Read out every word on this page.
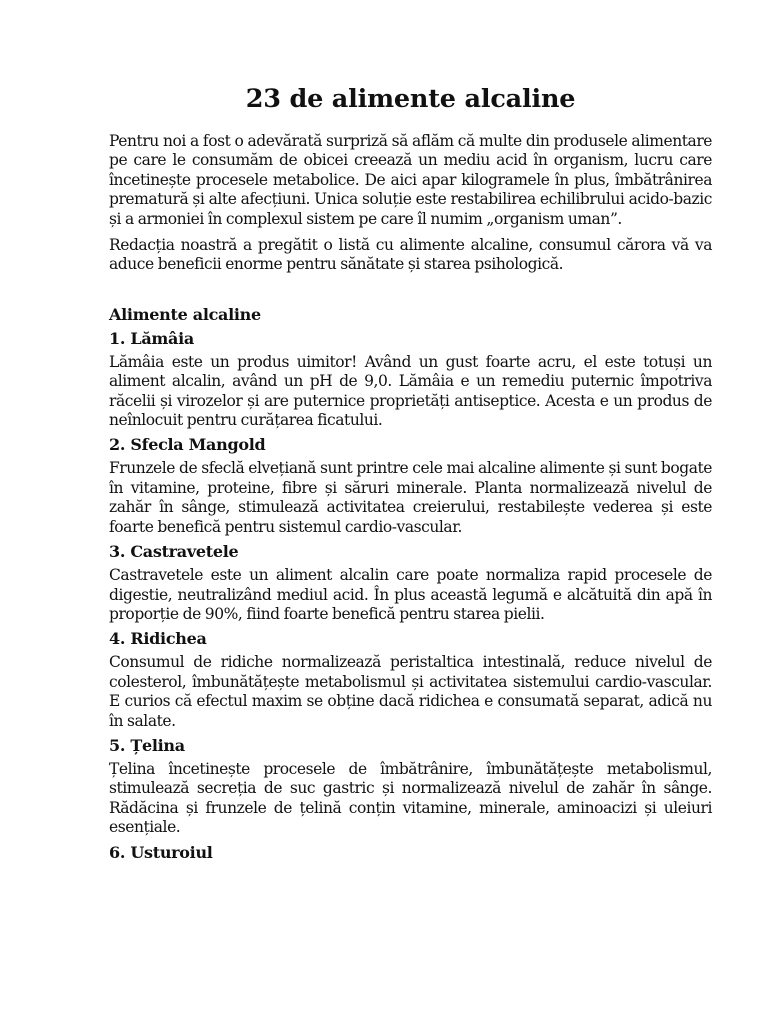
23 de alimente alcaline

Pentru noi a fost o adevărată surpriză să aflăm că multe din produsele alimentare pe care le consumăm de obicei creează un mediu acid în organism, lucru care încetinește procesele metabolice. De aici apar kilogramele în plus, îmbătrânirea prematură și alte afecțiuni. Unica soluție este restabilirea echilibrului acido-bazic și a armoniei în complexul sistem pe care îl numim „organism uman”.

Redacția noastră a pregătit o listă cu alimente alcaline, consumul cărora vă va aduce beneficii enorme pentru sănătate și starea psihologică.

Alimente alcaline
1. Lămâia

Lămâia este un produs uimitor! Având un gust foarte acru, el este totuși un aliment alcalin, având un pH de 9,0. Lămâia e un remediu puternic împotriva răcelii și virozelor și are puternice proprietăți antiseptice. Acesta e un produs de neînlocuit pentru curățarea ficatului.

2. Sfecla Mangold

Frunzele de sfeclă elvețiană sunt printre cele mai alcaline alimente și sunt bogate în vitamine, proteine, fibre și săruri minerale. Planta normalizează nivelul de zahăr în sânge, stimulează activitatea creierului, restabilește vederea și este foarte benefică pentru sistemul cardio-vascular.

3. Castravetele

Castravetele este un aliment alcalin care poate normaliza rapid procesele de digestie, neutralizând mediul acid. În plus această legumă e alcătuită din apă în proporție de 90%, fiind foarte benefică pentru starea pielii.

4. Ridichea

Consumul de ridiche normalizează peristaltica intestinală, reduce nivelul de colesterol, îmbunătățește metabolismul și activitatea sistemului cardio-vascular. E curios că efectul maxim se obține dacă ridichea e consumată separat, adică nu în salate.

5. Țelina

Țelina încetinește procesele de îmbătrânire, îmbunătățește metabolismul, stimulează secreția de suc gastric și normalizează nivelul de zahăr în sânge. Rădăcina și frunzele de țelină conțin vitamine, minerale, aminoacizi și uleiuri esențiale.

6. Usturoiul
